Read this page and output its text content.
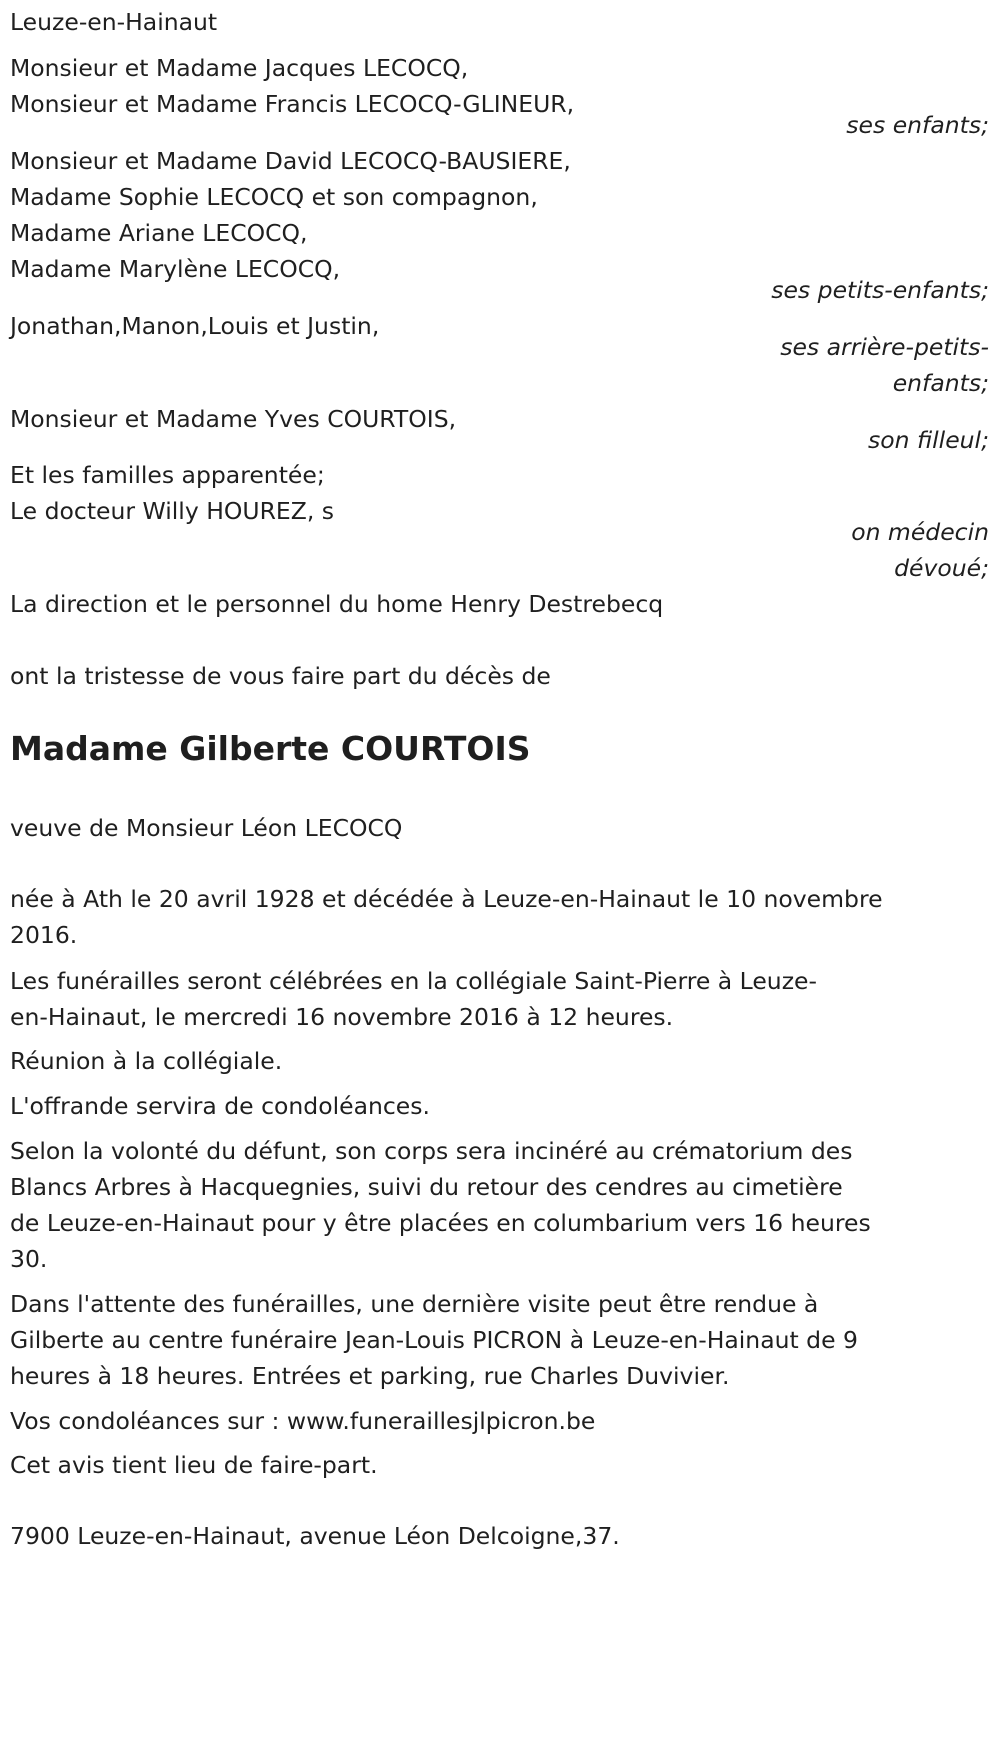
Leuze-en-Hainaut
Monsieur et Madame Jacques LECOCQ,
Monsieur et Madame Francis LECOCQ-GLINEUR,
ses enfants;
Monsieur et Madame David LECOCQ-BAUSIERE,
Madame Sophie LECOCQ et son compagnon,
Madame Ariane LECOCQ,
Madame Marylène LECOCQ,
ses petits-enfants;
Jonathan,Manon,Louis et Justin,
ses arrière-petits-
enfants;
Monsieur et Madame Yves COURTOIS,
son filleul;
Et les familles apparentée;
Le docteur Willy HOUREZ, s
on médecin
dévoué;
La direction et le personnel du home Henry Destrebecq
ont la tristesse de vous faire part du décès de
Madame Gilberte COURTOIS
veuve de Monsieur Léon LECOCQ
née à Ath le 20 avril 1928 et décédée à Leuze-en-Hainaut le 10 novembre
2016.
Les funérailles seront célébrées en la collégiale Saint-Pierre à Leuze-
en-Hainaut, le mercredi 16 novembre 2016 à 12 heures.
Réunion à la collégiale.
L'offrande servira de condoléances.
Selon la volonté du défunt, son corps sera incinéré au crématorium des
Blancs Arbres à Hacquegnies, suivi du retour des cendres au cimetière
de Leuze-en-Hainaut pour y être placées en columbarium vers 16 heures
30.
Dans l'attente des funérailles, une dernière visite peut être rendue à
Gilberte au centre funéraire Jean-Louis PICRON à Leuze-en-Hainaut de 9
heures à 18 heures. Entrées et parking, rue Charles Duvivier.
Vos condoléances sur : www.funeraillesjlpicron.be
Cet avis tient lieu de faire-part.
7900 Leuze-en-Hainaut, avenue Léon Delcoigne,37.
